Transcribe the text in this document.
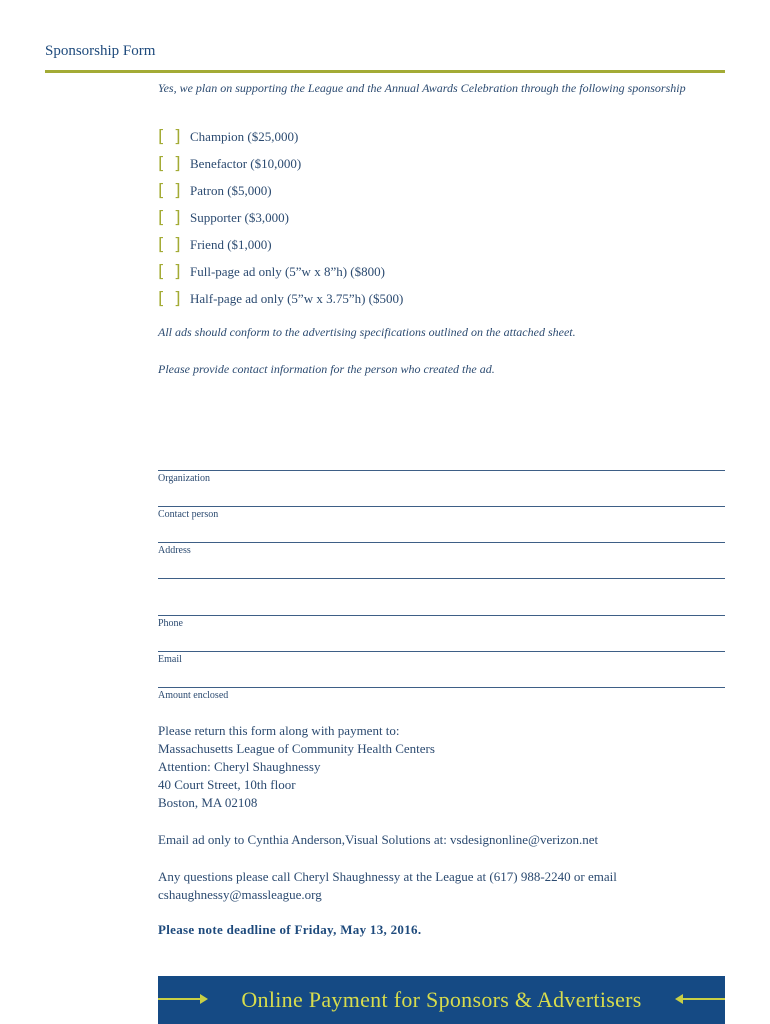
Sponsorship Form
Yes, we plan on supporting the League and the Annual Awards Celebration through the following sponsorship
[ ] Champion ($25,000)
[ ] Benefactor ($10,000)
[ ] Patron ($5,000)
[ ] Supporter ($3,000)
[ ] Friend ($1,000)
[ ] Full-page ad only (5”w x 8”h) ($800)
[ ] Half-page ad only (5”w x 3.75”h) ($500)
All ads should conform to the advertising specifications outlined on the attached sheet.
Please provide contact information for the person who created the ad.
Organization
Contact person
Address
Phone
Email
Amount enclosed
Please return this form along with payment to:
Massachusetts League of Community Health Centers
Attention: Cheryl Shaughnessy
40 Court Street, 10th floor
Boston, MA 02108
Email ad only to Cynthia Anderson,Visual Solutions at: vsdesignonline@verizon.net
Any questions please call Cheryl Shaughnessy at the League at (617) 988-2240 or email cshaughnessy@massleague.org
Please note deadline of Friday, May 13, 2016.
Online Payment for Sponsors & Advertisers
